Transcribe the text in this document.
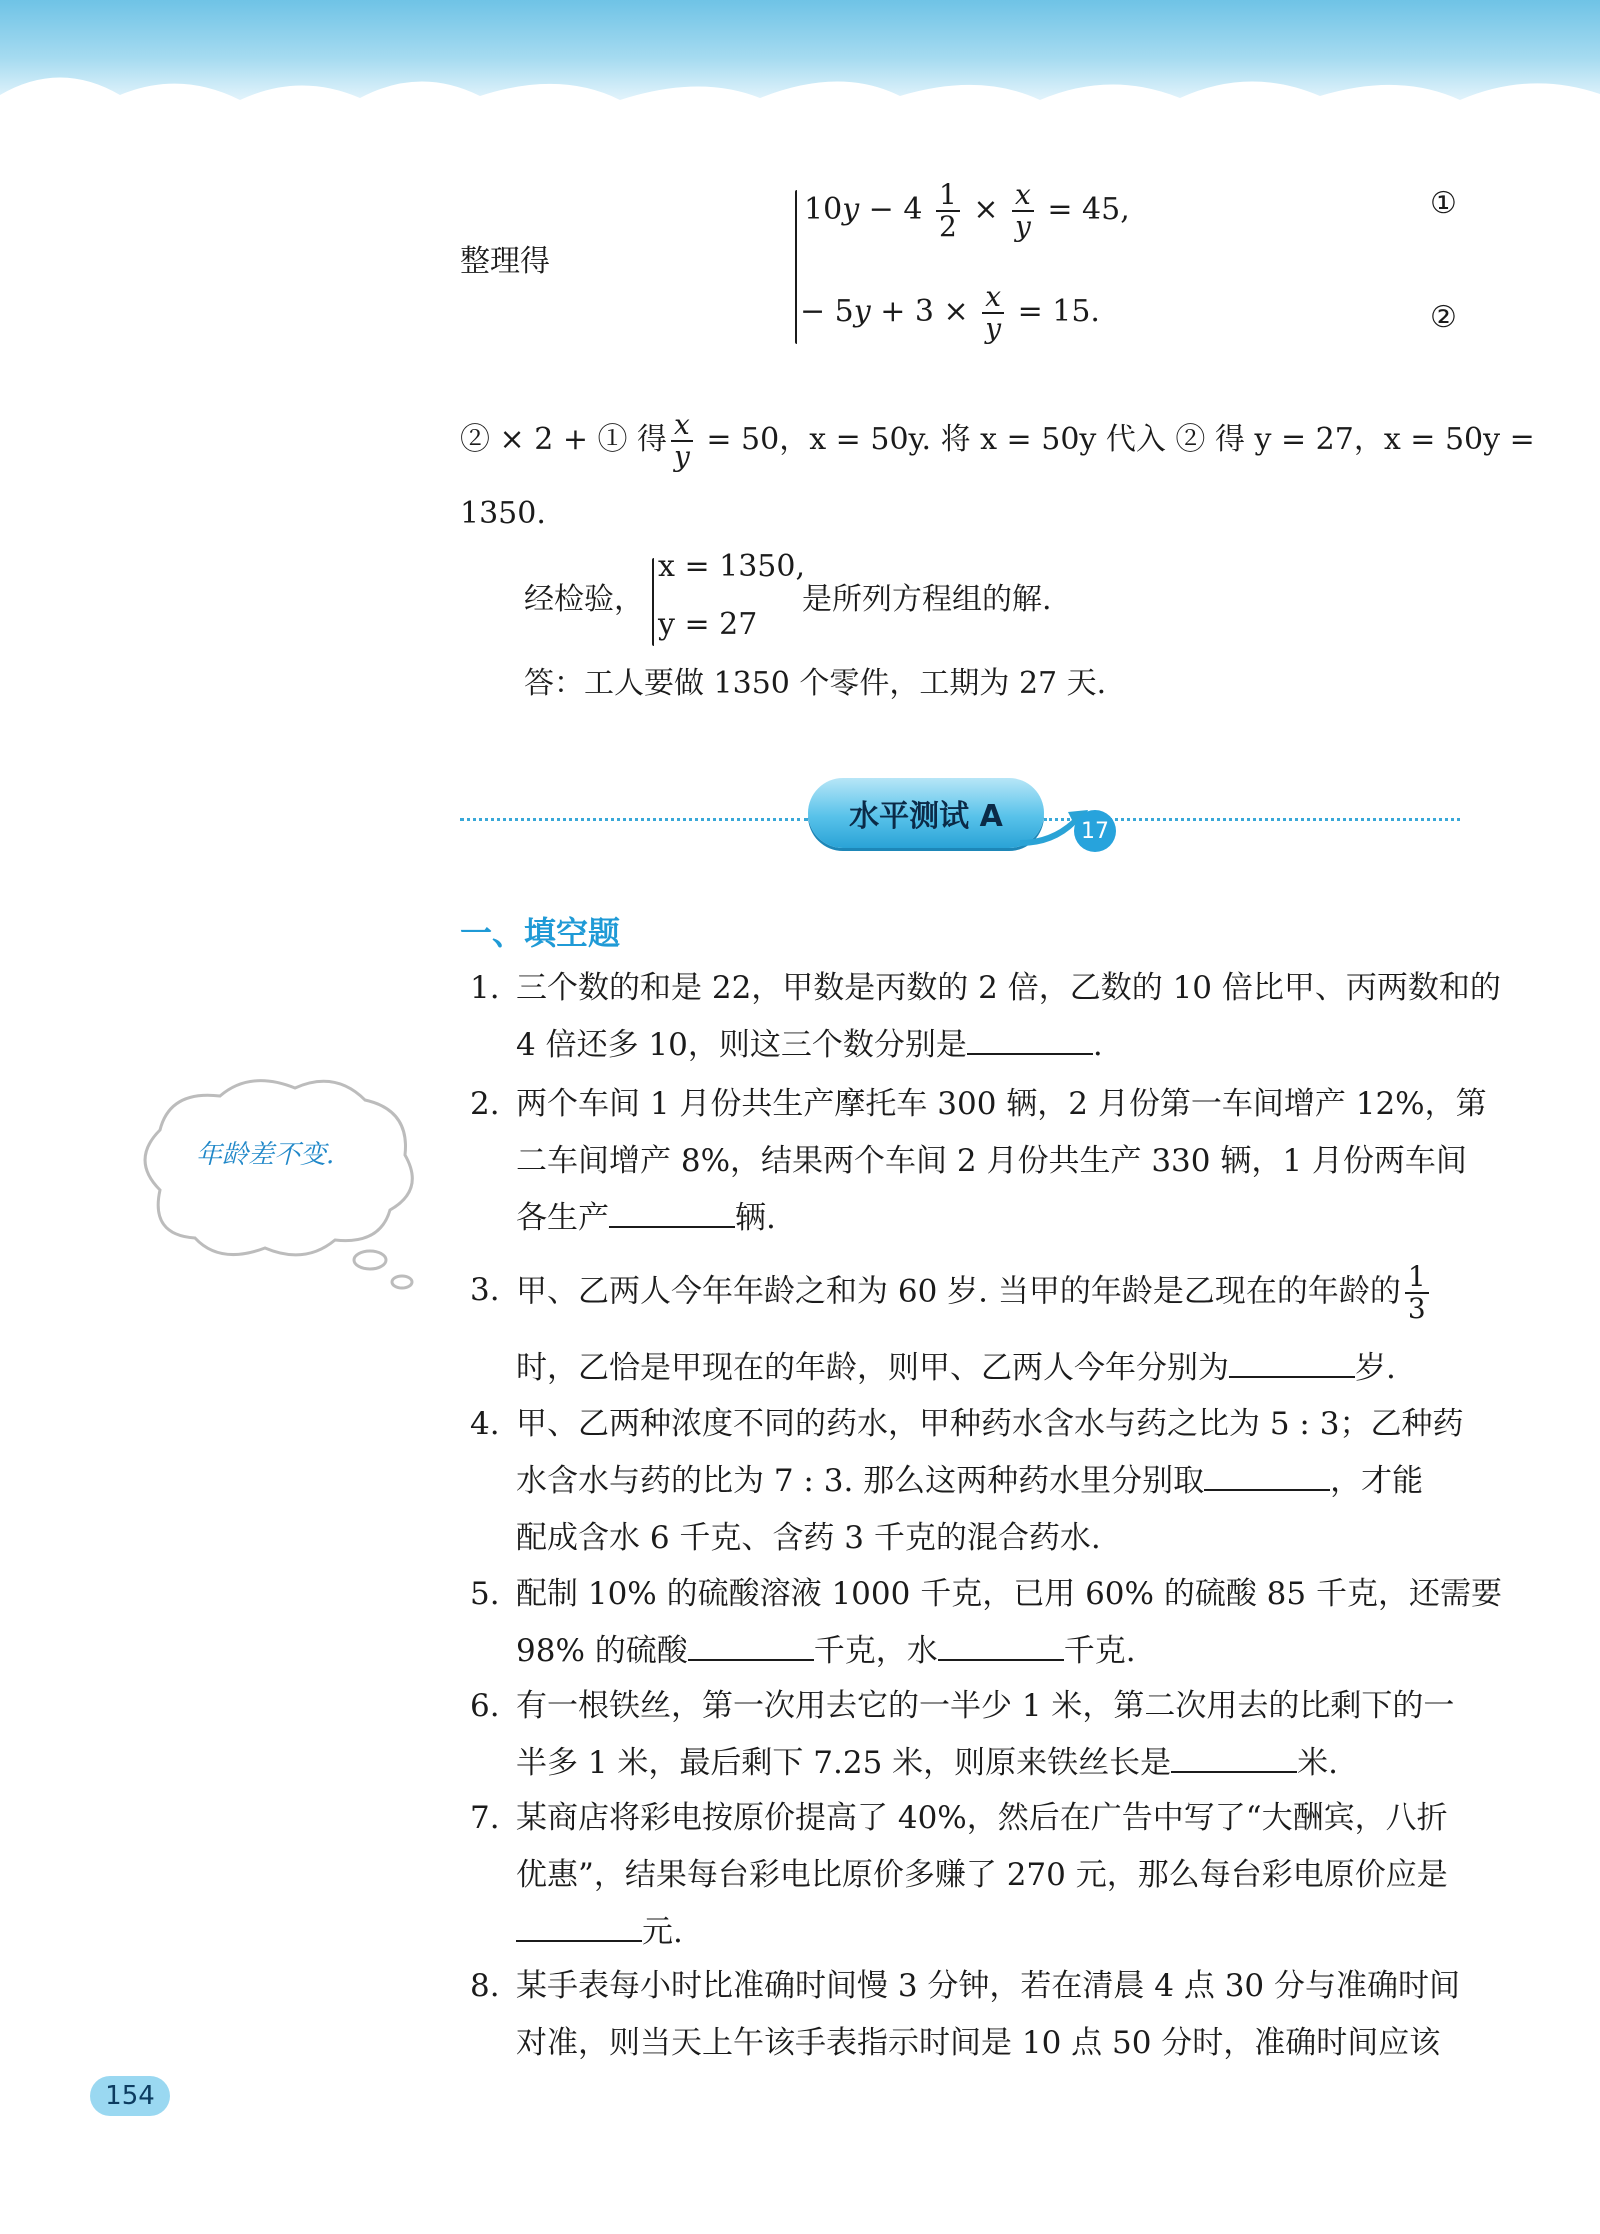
整理得
$10y - 4 \frac{1}{2} \times \frac{x}{y} = 45$,	①
− $5y + 3 \times \frac{x}{y} = 15$.	②
② × 2 + ① 得 $\frac{x}{y} = 50$，x = 50y. 将 x = 50y 代入 ② 得 y = 27，x = 50y =
1350.
经检验，
x = 1350,
y = 27
是所列方程组的解.
答：工人要做 1350 个零件，工期为 27 天.
水平测试 A	17
一、填空题
年龄差不变.
1. 三个数的和是 22，甲数是丙数的 2 倍，乙数的 10 倍比甲、丙两数和的
4 倍还多 10，则这三个数分别是	.
2. 两个车间 1 月份共生产摩托车 300 辆，2 月份第一车间增产 12%，第
二车间增产 8%，结果两个车间 2 月份共生产 330 辆，1 月份两车间
各生产	辆.
3. 甲、乙两人今年年龄之和为 60 岁. 当甲的年龄是乙现在的年龄的 $\frac{1}{3}$
时，乙恰是甲现在的年龄，则甲、乙两人今年分别为	岁.
4. 甲、乙两种浓度不同的药水，甲种药水含水与药之比为 5 : 3；乙种药
水含水与药的比为 7 : 3. 那么这两种药水里分别取	，才能
配成含水 6 千克、含药 3 千克的混合药水.
5. 配制 10% 的硫酸溶液 1000 千克，已用 60% 的硫酸 85 千克，还需要
98% 的硫酸	千克，水	千克.
6. 有一根铁丝，第一次用去它的一半少 1 米，第二次用去的比剩下的一
半多 1 米，最后剩下 7.25 米，则原来铁丝长是	米.
7. 某商店将彩电按原价提高了 40%，然后在广告中写了“大酬宾，八折
优惠”，结果每台彩电比原价多赚了 270 元，那么每台彩电原价应是
元.
8. 某手表每小时比准确时间慢 3 分钟，若在清晨 4 点 30 分与准确时间
对准，则当天上午该手表指示时间是 10 点 50 分时，准确时间应该
154
